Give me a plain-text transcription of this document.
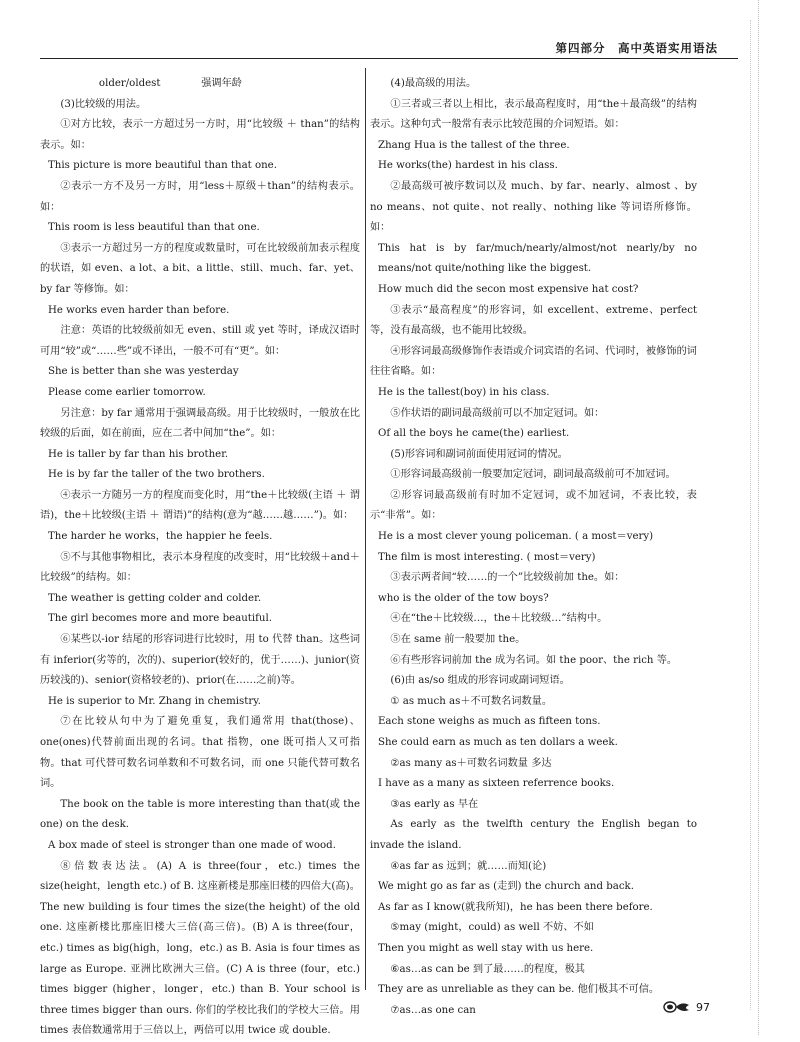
第四部分　高中英语实用语法

　　　　　older/oldest　　　　强调年龄

(3)比较级的用法。

①对方比较，表示一方超过另一方时，用“比较级 ＋ than”的结构表示。如：

This picture is more beautiful than that one.

②表示一方不及另一方时，用“less＋原级＋than”的结构表示。如：

This room is less beautiful than that one.

③表示一方超过另一方的程度或数量时，可在比较级前加表示程度的状语，如 even、a lot、a bit、a little、still、much、far、yet、by far 等修饰。如：

He works even harder than before.

注意：英语的比较级前如无 even、still 或 yet 等时，译成汉语时可用“较”或“……些”或不译出，一般不可有“更”。如：

She is better than she was yesterday

Please come earlier tomorrow.

另注意：by far 通常用于强调最高级。用于比较级时，一般放在比较级的后面，如在前面，应在二者中间加“the”。如：

He is taller by far than his brother.

He is by far the taller of the two brothers.

④表示一方随另一方的程度而变化时，用“the＋比较级(主语 ＋ 谓语)，the＋比较级(主语 ＋ 谓语)”的结构(意为“越……越……”)。如：

The harder he works，the happier he feels.

⑤不与其他事物相比，表示本身程度的改变时，用“比较级＋and＋比较级”的结构。如：

The weather is getting colder and colder.

The girl becomes more and more beautiful.

⑥某些以-ior 结尾的形容词进行比较时，用 to 代替 than。这些词有 inferior(劣等的，次的)、superior(较好的，优于……)、junior(资历较浅的)、senior(资格较老的)、prior(在……之前)等。

He is superior to Mr. Zhang in chemistry.

⑦在比较从句中为了避免重复，我们通常用 that(those)、one(ones)代替前面出现的名词。that 指物，one 既可指人又可指物。that 可代替可数名词单数和不可数名词，而 one 只能代替可数名词。

The book on the table is more interesting than that(或 the one) on the desk.

A box made of steel is stronger than one made of wood.

⑧倍数表达法。(A) A is three(four，etc.) times the size(height，length etc.) of B. 这座新楼是那座旧楼的四倍大(高)。The new building is four times the size(the height) of the old one. 这座新楼比那座旧楼大三倍(高三倍)。(B) A is three(four，etc.) times as big(high，long，etc.) as B. Asia is four times as large as Europe. 亚洲比欧洲大三倍。(C) A is three (four，etc.) times bigger (higher，longer，etc.) than B. Your school is three times bigger than ours. 你们的学校比我们的学校大三倍。用 times 表倍数通常用于三倍以上，两倍可以用 twice 或 double.

(4)最高级的用法。

①三者或三者以上相比，表示最高程度时，用“the＋最高级”的结构表示。这种句式一般常有表示比较范围的介词短语。如：

Zhang Hua is the tallest of the three.

He works(the) hardest in his class.

②最高级可被序数词以及 much、by far、nearly、almost 、by no means、not quite、not really、nothing like 等词语所修饰。如：

This hat is by far/much/nearly/almost/not nearly/by no means/not quite/nothing like the biggest.

How much did the secon most expensive hat cost?

③表示“最高程度”的形容词，如 excellent、extreme、perfect 等，没有最高级，也不能用比较级。

④形容词最高级修饰作表语或介词宾语的名词、代词时，被修饰的词往往省略。如：

He is the tallest(boy) in his class.

⑤作状语的副词最高级前可以不加定冠词。如：

Of all the boys he came(the) earliest.

(5)形容词和副词前面使用冠词的情况。

①形容词最高级前一般要加定冠词，副词最高级前可不加冠词。

②形容词最高级前有时加不定冠词，或不加冠词，不表比较，表示“非常”。如：

He is a most clever young policeman. ( a most＝very)

The film is most interesting. ( most＝very)

③表示两者间“较……的一个”比较级前加 the。如：

who is the older of the tow boys?

④在“the＋比较级…，the＋比较级…”结构中。

⑤在 same 前一般要加 the。

⑥有些形容词前加 the 成为名词。如 the poor、the rich 等。

(6)由 as/so 组成的形容词或副词短语。

① as much as＋不可数名词数量。

Each stone weighs as much as fifteen tons.

She could earn as much as ten dollars a week.

②as many as＋可数名词数量 多达

I have as a many as sixteen referrence books.

③as early as 早在

As early as the twelfth century the English began to invade the island.

④as far as 远到；就……而知(论)

We might go as far as (走到) the church and back.

As far as I know(就我所知)，he has been there before.

⑤may (might，could) as well 不妨、不如

Then you might as well stay with us here.

⑥as…as can be 到了最……的程度，极其

They are as unreliable as they can be. 他们极其不可信。

⑦as…as one can	97
